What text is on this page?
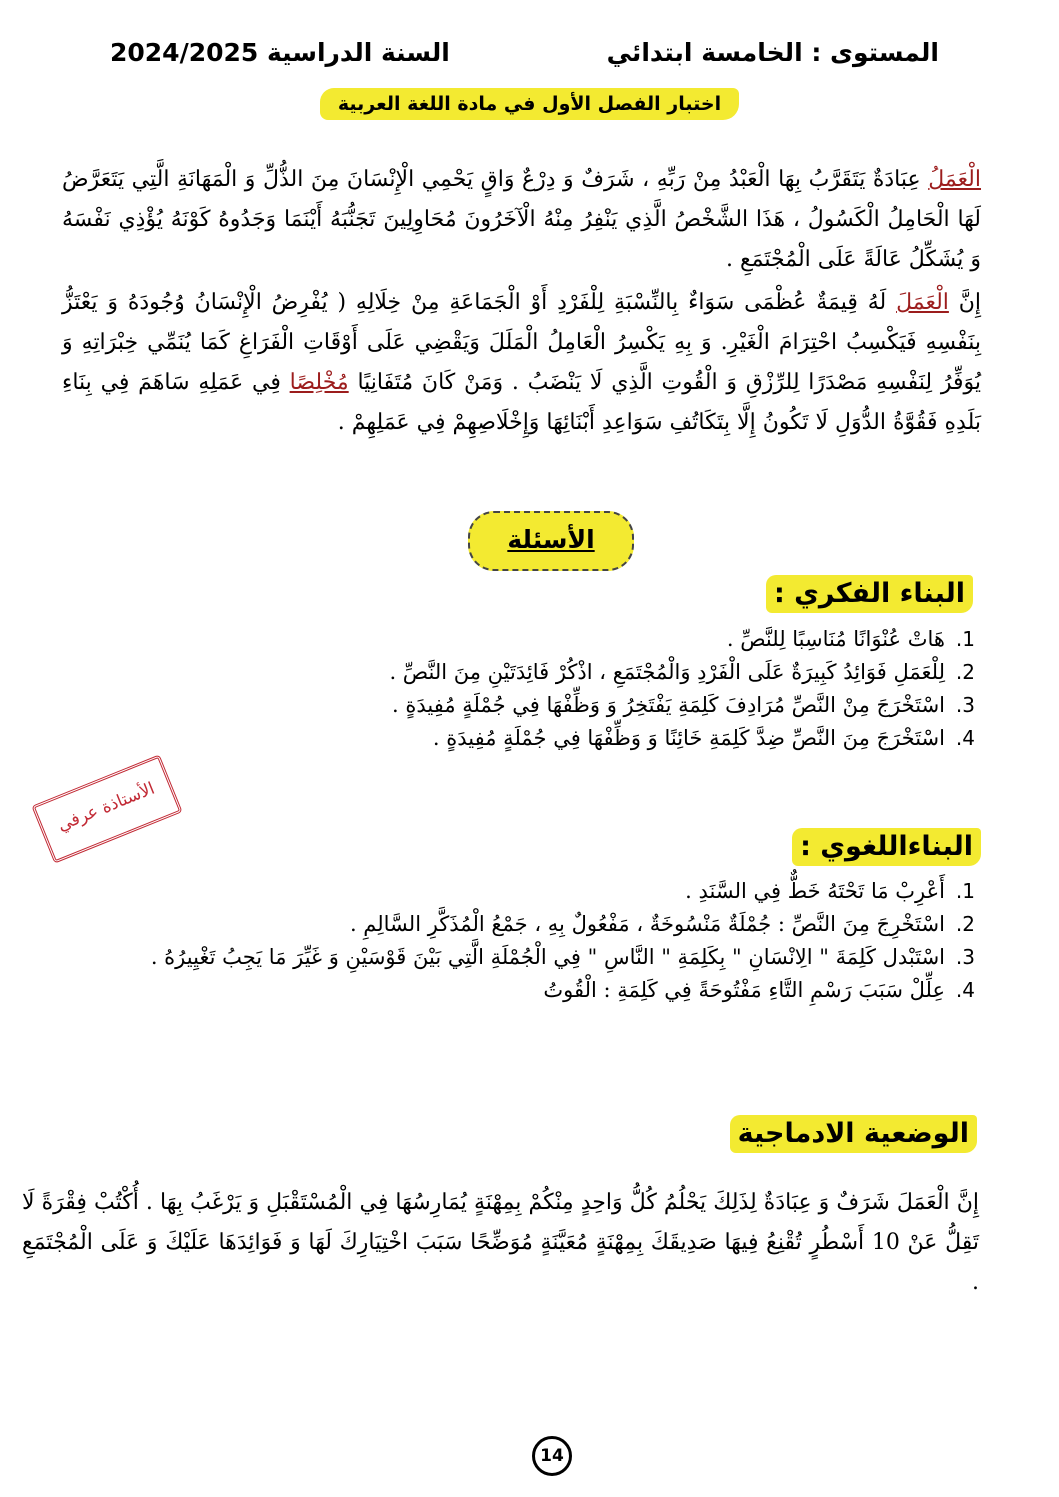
المستوى : الخامسة ابتدائي
السنة الدراسية 2024/2025
اختبار الفصل الأول في مادة اللغة العربية
الْعَمَلُ عِبَادَةٌ يَتَقَرَّبُ بِهَا الْعَبْدُ مِنْ رَبِّهِ ، شَرَفٌ وَ دِرْعٌ وَاقٍ يَحْمِي الْإِنْسَانَ مِنَ الذُّلِّ وَ الْمَهَانَةِ الَّتِي يَتَعَرَّضُ لَهَا الْحَامِلُ الْكَسُولُ ، هَذَا الشَّخْصُ الَّذِي يَنْفِرُ مِنْهُ الْآخَرُونَ مُحَاوِلِينَ تَجَنُّبَهُ أَيْنَمَا وَجَدُوهُ كَوْنَهُ يُؤْذِي نَفْسَهُ وَ يُشَكِّلُ عَالَةً عَلَى الْمُجْتَمَعِ .
إِنَّ الْعَمَلَ لَهُ قِيمَةٌ عُظْمَى سَوَاءٌ بِالنِّسْبَةِ لِلْفَرْدِ أَوْ الْجَمَاعَةِ مِنْ خِلَالِهِ ( يُفْرِضُ الْإِنْسَانُ وُجُودَهُ وَ يَعْتَزُّ بِنَفْسِهِ فَيَكْسِبُ احْتِرَامَ الْغَيْرِ. وَ بِهِ يَكْسِرُ الْعَامِلُ الْمَلَلَ وَيَقْضِي عَلَى أَوْقَاتِ الْفَرَاغِ كَمَا يُنَمِّي خِبْرَاتِهِ وَ يُوَفِّرُ لِنَفْسِهِ مَصْدَرًا لِلرِّزْقِ وَ الْقُوتِ الَّذِي لَا يَنْضَبُ . وَمَنْ كَانَ مُتَفَانِيًا مُخْلِصًا فِي عَمَلِهِ سَاهَمَ فِي بِنَاءِ بَلَدِهِ فَقُوَّةُ الدُّوَلِ لَا تَكُونُ إِلَّا بِتَكَاتُفِ سَوَاعِدِ أَبْنَائِهَا وَإِخْلَاصِهِمْ فِي عَمَلِهِمْ .
الأسئلة
البناء الفكري :
1.
هَاتْ عُنْوَانًا مُنَاسِبًا لِلنَّصِّ .
2.
لِلْعَمَلِ فَوَائِدُ كَبِيرَةٌ عَلَى الْفَرْدِ وَالْمُجْتَمَعِ ، اذْكُرْ فَائِدَتَيْنِ مِنَ النَّصِّ .
3.
اسْتَخْرَجَ مِنْ النَّصِّ مُرَادِفَ كَلِمَةِ يَفْتَخِرُ وَ وَظِّفْهَا فِي جُمْلَةٍ مُفِيدَةٍ .
4.
اسْتَخْرَجَ مِنَ النَّصِّ ضِدَّ كَلِمَةِ خَائِنًا وَ وَظِّفْهَا فِي جُمْلَةٍ مُفِيدَةٍ .
الأستاذة عرفي
البناءاللغوي :
1.
أَعْرِبْ مَا تَحْتَهُ خَطٌّ فِي السَّنَدِ .
2.
اسْتَخْرِجَ مِنَ النَّصِّ : جُمْلَةٌ مَنْسُوخَةٌ ، مَفْعُولٌ بِهِ ، جَمْعُ الْمُذَكَّرِ السَّالِمِ .
3.
اسْتَبْدل كَلِمَةَ " الِانْسَانِ " بِكَلِمَةِ " النَّاسِ " فِي الْجُمْلَةِ الَّتِي بَيْنَ قَوْسَيْنِ وَ غَيِّرَ مَا يَجِبُ تَغْيِيرُهُ .
4.
عِلِّلْ سَبَبَ رَسْمِ التَّاءِ مَفْتُوحَةً فِي كَلِمَةِ : الْقُوتُ
الوضعية الادماجية
إِنَّ الْعَمَلَ شَرَفٌ وَ عِبَادَةٌ لِذَلِكَ يَحْلُمُ كُلُّ وَاحِدٍ مِنْكُمْ بِمِهْنَةٍ يُمَارِسُهَا فِي الْمُسْتَقْبَلِ وَ يَرْغَبُ بِهَا . أُكْتُبْ فِقْرَةً لَا تَقِلُّ عَنْ 10 أَسْطُرٍ تُقْنِعُ فِيهَا صَدِيقَكَ بِمِهْنَةٍ مُعَيَّنَةٍ مُوَضِّحًا سَبَبَ اخْتِيَارِكَ لَهَا وَ فَوَائِدَهَا عَلَيْكَ وَ عَلَى الْمُجْتَمَعِ .
14
